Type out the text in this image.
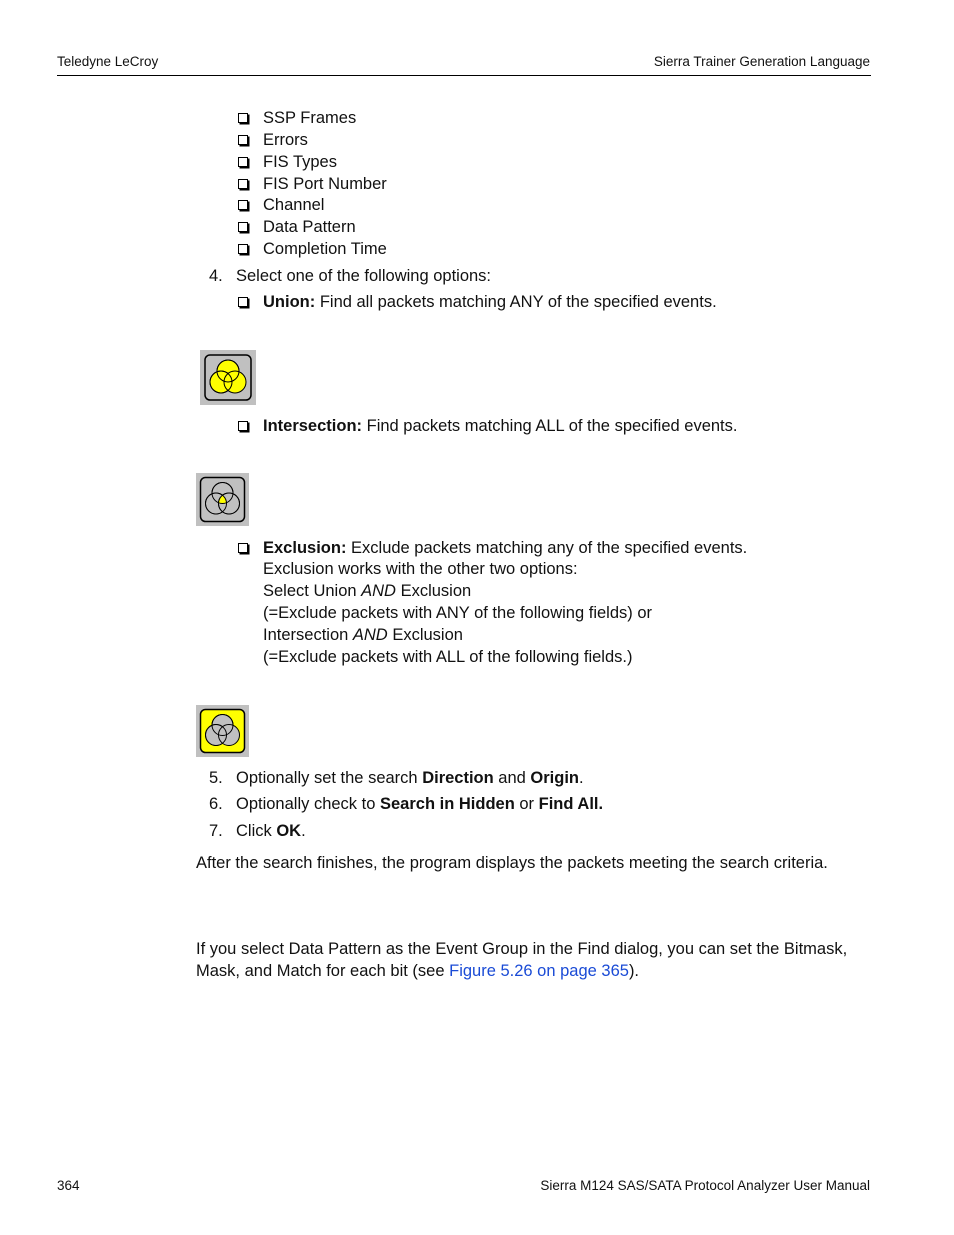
Teledyne LeCroy	Sierra Trainer Generation Language
SSP Frames
Errors
FIS Types
FIS Port Number
Channel
Data Pattern
Completion Time
4. Select one of the following options:
Union: Find all packets matching ANY of the specified events.
Intersection: Find packets matching ALL of the specified events.
Exclusion: Exclude packets matching any of the specified events.
Exclusion works with the other two options:
Select Union AND Exclusion
(=Exclude packets with ANY of the following fields) or
Intersection AND Exclusion
(=Exclude packets with ALL of the following fields.)
5. Optionally set the search Direction and Origin.
6. Optionally check to Search in Hidden or Find All.
7. Click OK.
After the search finishes, the program displays the packets meeting the search criteria.
If you select Data Pattern as the Event Group in the Find dialog, you can set the Bitmask,
Mask, and Match for each bit (see Figure 5.26 on page 365).
364	Sierra M124 SAS/SATA Protocol Analyzer User Manual
